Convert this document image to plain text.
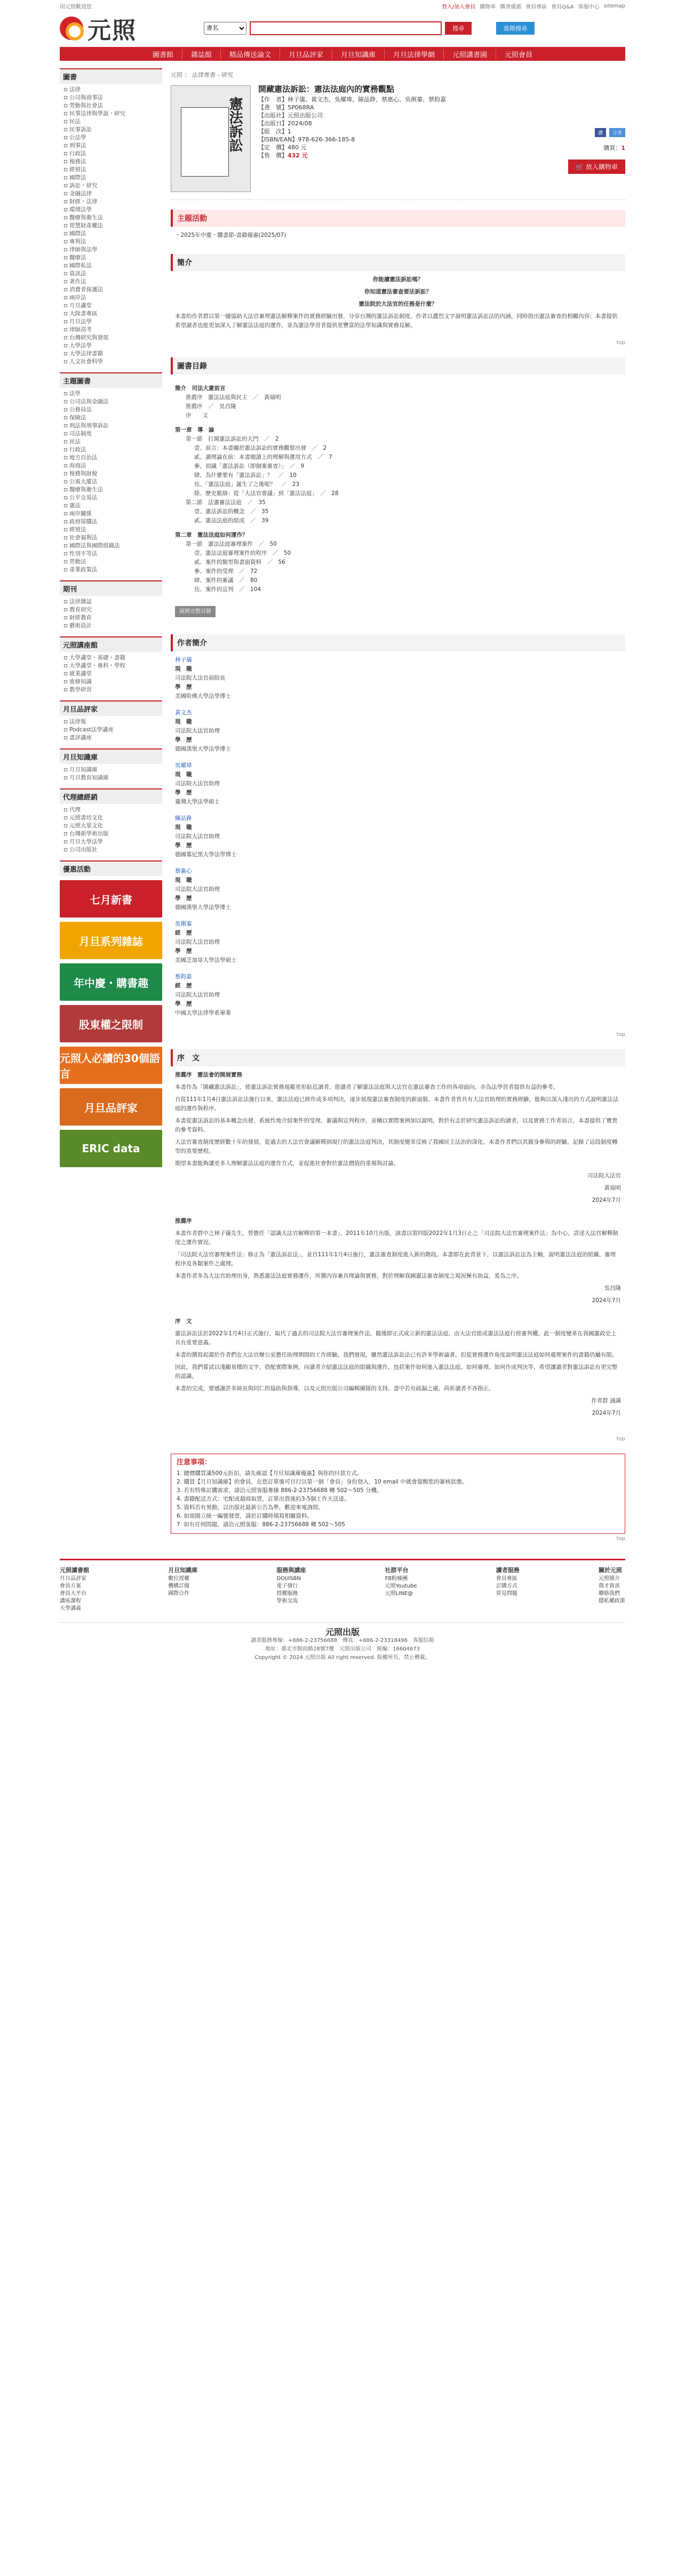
因元照歡迎您	登入/加入會員 購物車 購書優惠 會員專區 會員Q&A 客服中心 sitemap
元照
書名	搜尋	進階搜尋
圖書館	雜誌館	精品傳送論文	月旦品評家	月旦知識庫	月旦法律學網	元照講書園	元照會員
圖書
法律
公司與商事法
勞動與社會法
民事法律與學說・研究
民法
民事訴訟
公法學
刑事法
行政法
稅務法
經貿法
國際法
訴訟・研究
金融法律
財經・法律
環境法學
醫療與衛生法
智慧財產權法
國際法
專利法
律師與法學
醫療法
國際私法
資訊法
著作法
消費者保護法
兩岸法
月旦講堂
大陸書專區
月旦法學
律師高考
台灣研究與發展
大學法學
大學法律書籍
人文社會科學
主題圖書
法學
公司法與金融法
公務員法
保險法
刑法與刑事訴訟
司法制度
民法
行政法
地方自治法
海商法
稅務與財稅
公寓大廈法
醫療與衛生法
公平交易法
憲法
兩岸關係
政府採購法
經貿法
社會福利法
國際法與國際組織法
性別平等法
勞動法
產業政策法
期刊
法律雜誌
教育研究
財經教育
藝術設計
元照講座館
大學講堂・基礎・書籍
大學講堂・專科・學程
就業講堂
進修知識
教學研習
月旦品評家
法律報
Podcast法學講座
書評講座
月旦知識庫
月旦知識庫
月旦教育知識庫
代理總經銷
代理
元照書坊文化
元照大眾文化
台灣新學術出版
月旦大學法學
公司出版社
優惠活動
七月新書
月旦系列雜誌
年中慶・購書趣
股東權之限制
元照人必讀的30個語言
月旦品評家
ERIC data
元照 ： 法律專書 - 研究
憲法訴訟
開藏憲法訴訟：憲法法庭內的實務觀點
【作　者】林子儀、黃文杰、吳耀瑋、陳品錚、蔡惠心、吳俐蓁、蔡鈞嘉
【書　號】5P068RA
【出版社】元照出版公司
【出版日】2024/08
【版　次】1
【ISBN/EAN】978-626-366-185-8
【定　價】480 元
【售　價】432 元
讚	分享
購買：1
🛒 放入購物車
主題活動
・2025年中慶・購書節-書籍優惠(2025/07)
簡介

你能讀憲法訴訟嗎？

你知道憲法審查要法訴訟？

憲法院於大法官的任務是什麼？

本書的作者群以第一線協助大法官審理憲法解釋案件的實務經驗出發，分享台灣的憲法訴訟制度。作者以濃烈文字說明憲法訴訟法的內涵，同時指出憲法審查的相關內容；本書提供希望讀者也能更加深入了解憲法法庭的運作，並為憲法學習者提供更豐富的法學知識與實務見解。

top
圖書目錄
簡介　司法大廈前言
推薦序　憲法法庭與民主　／　黃瑞明
推薦序　／　吳昌隆
序　　文
第一章　導　論
第一節　打開憲法訴訟的大門　／　2
壹、前言：本書關於憲法訴訟的實務觀察出發　／　2
貳、讀理論在前：本書閱讀上的理解與運用方式　／　7
參、初識「憲法訴訟（即個案審查）」　／　9
肆、為什麼要有「憲法訴訟」？　／　10
伍、「憲法法庭」誕生了之後呢？　／　23
陸、歷史脈絡：從「大法官會議」到「憲法法庭」　／　28
第二節　法憲審法法庭　／　35
壹、憲法訴訟的概念　／　35
貳、憲法法庭的組成　／　39
第二章　憲法法庭如何運作？
第一節　憲法法庭審理案件　／　50
壹、憲法法庭審理案件的程序　／　50
貳、案件的類型與書面資料　／　56
參、案件的受理　／　72
肆、案件的審議　／　80
伍、案件的宣判　／　104
展開完整目錄
作者簡介
林子儀
現　職
司法院大法官前院長
學　歷
美國哈佛大學法學博士
黃文杰
現　職
司法院大法官助理
學　歷
德國漢堡大學法學博士
吳耀瑋
現　職
司法院大法官助理
學　歷
臺灣大學法學碩士
陳品錚
現　職
司法院大法官助理
學　歷
德國慕尼黑大學法學博士
蔡惠心
現　職
司法院大法官助理
學　歷
德國漢堡大學法學博士
吳俐蓁
經　歷
司法院大法官助理
學　歷
美國芝加哥大學法學碩士
蔡鈞嘉
經　歷
司法院大法官助理
學　歷
中國大學法律學系畢業
top
序　文

推薦序　憲法會的開展實務

本書作為「開藏憲法訴訟」，使憲法訴訟實務規範更形貼近讀者，使讀者了解憲法法庭與大法官在憲法審查工作的各項面向，亦為法學習者提供有益的參考。

自從111年1月4日憲法訴訟法施行以來，憲法法庭已經作成多項判決，逐步展現憲法審查制度的新面貌。本書作者皆具有大法官助理的實務經驗，能夠以深入淺出的方式說明憲法法庭的運作與程序。

本書從憲法訴訟的基本概念出發，系統性地介紹案件的受理、審議與宣判程序，並輔以實際案例加以說明。對於有志於研究憲法訴訟的讀者，以及實務工作者而言，本書提供了寶貴的參考資料。

大法官審查制度歷經數十年的發展，從過去的大法官會議解釋到現行的憲法法庭判決，其制度變革反映了我國民主法治的深化。本書作者們以其親身參與的經驗，記錄了這段制度轉型的重要歷程。

期望本書能夠讓更多人理解憲法法庭的運作方式，並促進社會對於憲法價值的重視與討論。

司法院大法官

黃瑞明

2024年7月

推薦序

本書作者群中之林子儀先生，曾擔任「認識大法官解釋的第一本書」，2011年10月出版，該書以第四版2022年1月3日止之「司法院大法官審理案件法」為中心，詳述大法官解釋制度之運作實況。

「司法院大法官審理案件法」修正為「憲法訴訟法」，並自111年1月4日施行，憲法審查制度進入新的階段。本書即在此背景下，以憲法訴訟法為主軸，說明憲法法庭的組織、審理程序及各類案件之處理。

本書作者多為大法官助理出身，熟悉憲法法庭實務運作，所撰內容兼具理論與實務，對於理解我國憲法審查制度之現況極有助益，爰為之序。

吳昌隆

2024年7月

序　文

憲法訴訟法於2022年1月4日正式施行，取代了過去的司法院大法官審理案件法，隨後即正式成立新的憲法法庭，由大法官組成憲法法庭行使審判權，此一制度變革在我國憲政史上具有重要意義。

本書的撰寫起源於作者們在大法官辦公室擔任助理期間的工作經驗。我們發現，雖然憲法訴訟法已有許多學術論著，但從實務運作角度說明憲法法庭如何處理案件的書籍仍屬有限。

因此，我們嘗試以淺顯易懂的文字，搭配實際案例，向讀者介紹憲法法庭的組織與運作，包括案件如何進入憲法法庭、如何審理、如何作成判決等，希望讓讀者對憲法訴訟有更完整的認識。

本書的完成，要感謝許多師長與同仁的協助與指導，以及元照出版公司編輯團隊的支持。書中若有疏漏之處，尚祈讀者不吝指正。

作者群 謹識

2024年7月

top
注意事項：
1. 總價購買滿500元折扣，請先確認【月旦知識庫優惠】與你的付款方式。
2. 購買【月旦知識庫】的會員，在您訂單後可自行以第一個「會員」身份登入，10 email 中就會提醒您的審核狀態。
3. 若有特殊訂購需求，請洽元照客服專線 886-2-23756688 轉 502～505 分機。
4. 書籍配送方式：宅配或超商取貨，訂單出貨後約3-5個工作天送達。
5. 資料若有異動，以出版社最新公告為準，歡迎來電詢問。
6. 如需開立統一編號發票，請於訂購時填寫相關資料。
7. 如有任何問題，請洽元照客服：886-2-23756688 轉 502～505
top
元照讀書館
月旦品評家
會員方案
會員大平台
講座課程
大學講義
月旦知識庫
數位授權
機構訂閱
國際合作
服務與講座
DOI/ISBN
電子發行
授權服務
學術交流
社群平台
FB粉絲團
元照Youtube
元照LINE@
讀者服務
會員專區
訂購方式
常見問題
關於元照
元照簡介
徵才資訊
聯絡我們
隱私權政策
元照出版
讀者服務專線：+886-2-23756688　傳真：+886-2-23318496　客服信箱
地址：臺北市館前路28號7樓　元照出版公司　統編：16604673
Copyright © 2024 元照出版 All right reserved. 版權所有，禁止轉載。
